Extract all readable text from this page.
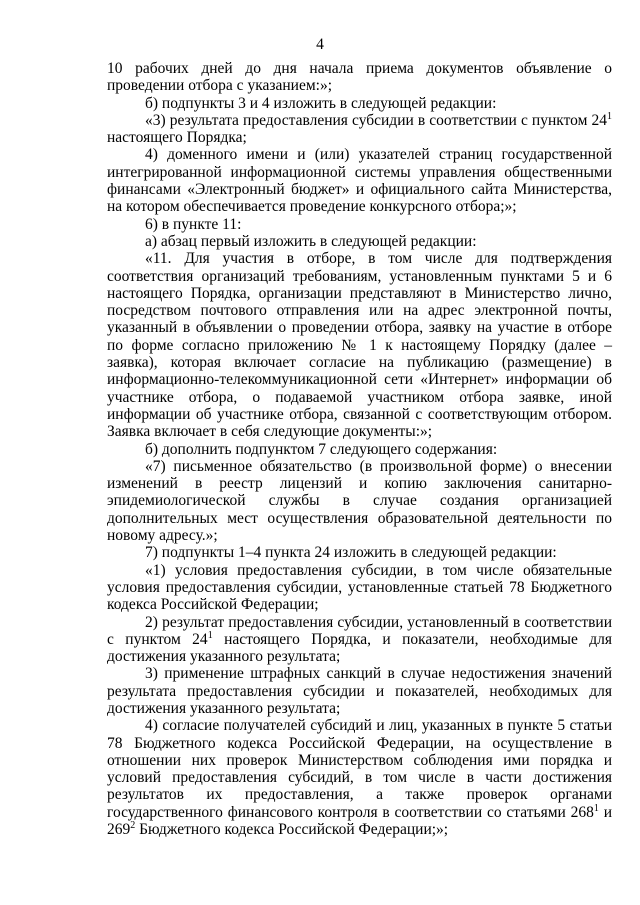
4

10 рабочих дней до дня начала приема документов объявление о проведении отбора с указанием:»;

б) подпункты 3 и 4 изложить в следующей редакции:

«3) результата предоставления субсидии в соответствии с пунктом $24^1$ настоящего Порядка;

4) доменного имени и (или) указателей страниц государственной интегрированной информационной системы управления общественными финансами «Электронный бюджет» и официального сайта Министерства, на котором обеспечивается проведение конкурсного отбора;»;

6) в пункте 11:

а) абзац первый изложить в следующей редакции:

«11. Для участия в отборе, в том числе для подтверждения соответствия организаций требованиям, установленным пунктами 5 и 6 настоящего Порядка, организации представляют в Министерство лично, посредством почтового отправления или на адрес электронной почты, указанный в объявлении о проведении отбора, заявку на участие в отборе по форме согласно приложению № 1 к настоящему Порядку (далее – заявка), которая включает согласие на публикацию (размещение) в информационно-телекоммуникационной сети «Интернет» информации об участнике отбора, о подаваемой участником отбора заявке, иной информации об участнике отбора, связанной с соответствующим отбором. Заявка включает в себя следующие документы:»;

б) дополнить подпунктом 7 следующего содержания:

«7) письменное обязательство (в произвольной форме) о внесении изменений в реестр лицензий и копию заключения санитарно-эпидемиологической службы в случае создания организацией дополнительных мест осуществления образовательной деятельности по новому адресу.»;

7) подпункты 1–4 пункта 24 изложить в следующей редакции:

«1) условия предоставления субсидии, в том числе обязательные условия предоставления субсидии, установленные статьей 78 Бюджетного кодекса Российской Федерации;

2) результат предоставления субсидии, установленный в соответствии с пунктом $24^1$ настоящего Порядка, и показатели, необходимые для достижения указанного результата;

3) применение штрафных санкций в случае недостижения значений результата предоставления субсидии и показателей, необходимых для достижения указанного результата;

4) согласие получателей субсидий и лиц, указанных в пункте 5 статьи 78 Бюджетного кодекса Российской Федерации, на осуществление в отношении них проверок Министерством соблюдения ими порядка и условий предоставления субсидий, в том числе в части достижения результатов их предоставления, а также проверок органами государственного финансового контроля в соответствии со статьями $268^1$ и $269^2$ Бюджетного кодекса Российской Федерации;»;
